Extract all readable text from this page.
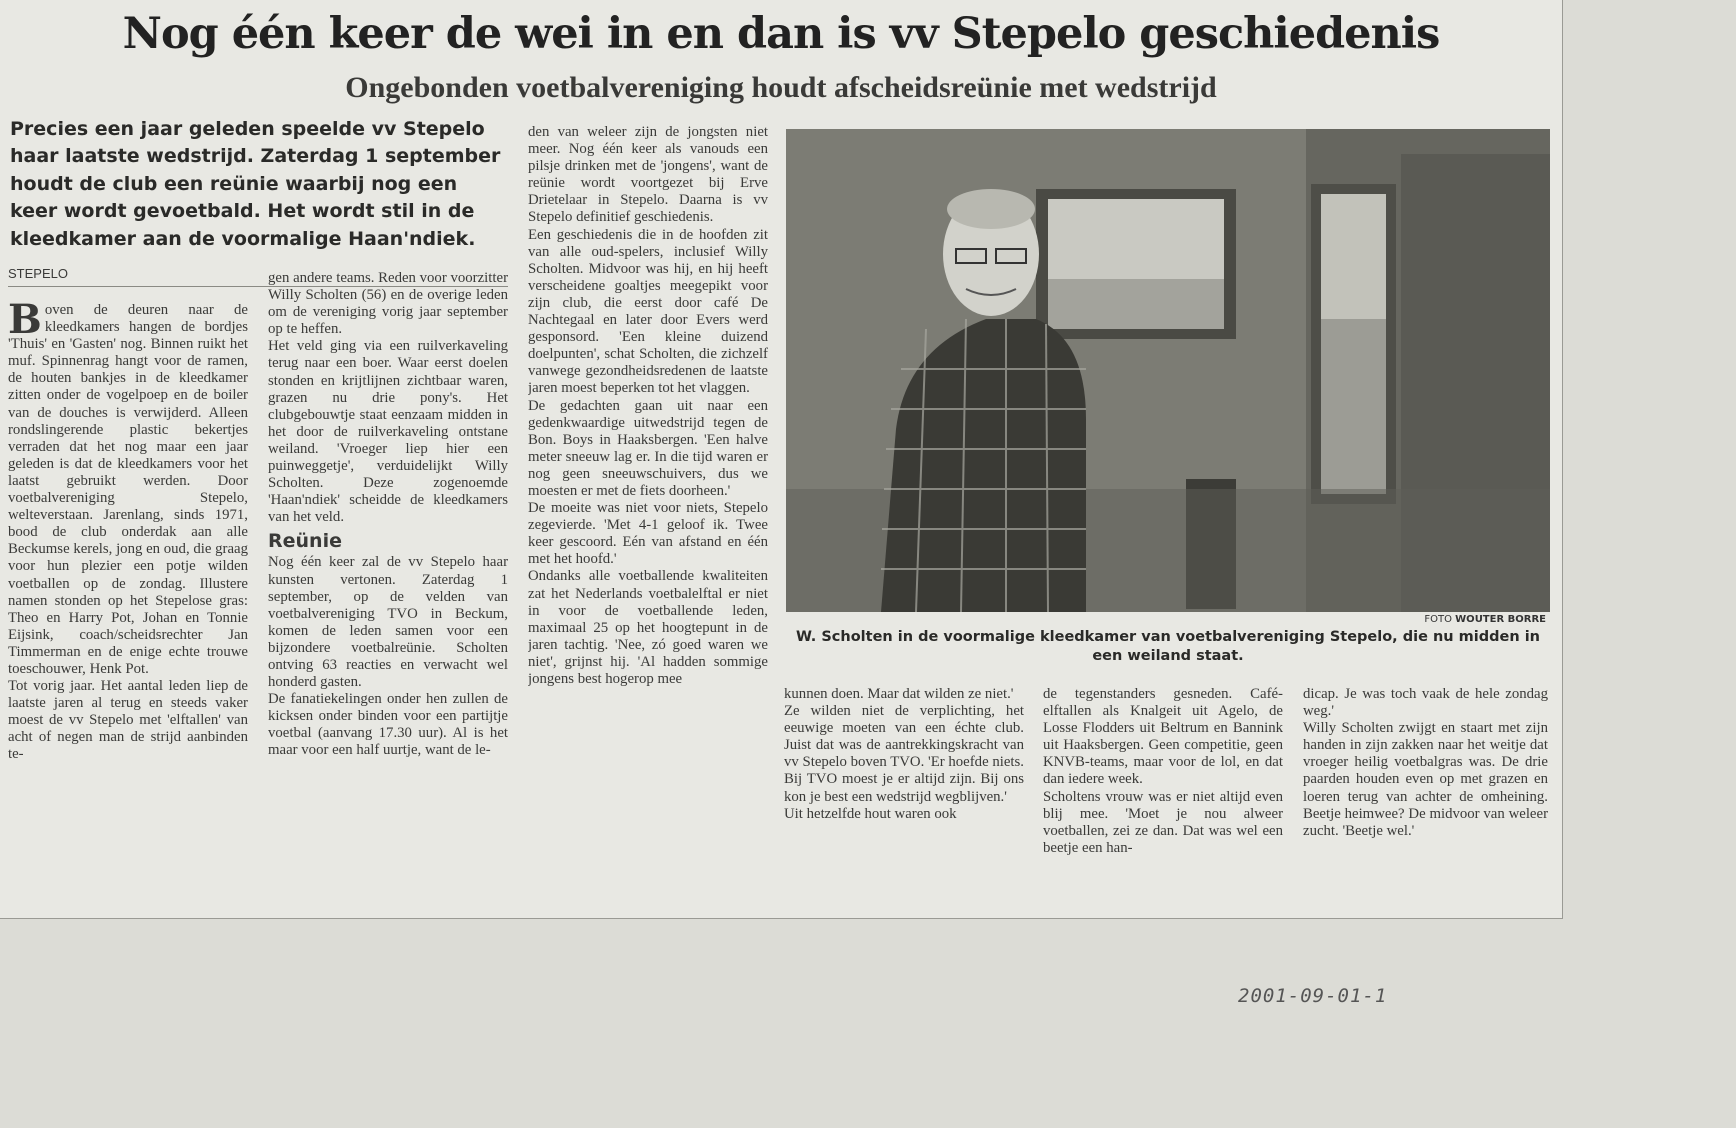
Nog één keer de wei in en dan is vv Stepelo geschiedenis
Ongebonden voetbalvereniging houdt afscheidsreünie met wedstrijd

Precies een jaar geleden speelde vv Stepelo haar laatste wedstrijd. Zaterdag 1 september houdt de club een reünie waarbij nog een keer wordt gevoetbald. Het wordt stil in de kleedkamer aan de voormalige Haan'ndiek.

STEPELO

Boven de deuren naar de kleedkamers hangen de bordjes 'Thuis' en 'Gasten' nog. Binnen ruikt het muf. Spinnenrag hangt voor de ramen, de houten bankjes in de kleedkamer zitten onder de vogelpoep en de boiler van de douches is verwijderd. Alleen rondslingerende plastic bekertjes verraden dat het nog maar een jaar geleden is dat de kleedkamers voor het laatst gebruikt werden. Door voetbalvereniging Stepelo, welteverstaan. Jarenlang, sinds 1971, bood de club onderdak aan alle Beckumse kerels, jong en oud, die graag voor hun plezier een potje wilden voetballen op de zondag. Illustere namen stonden op het Stepelose gras: Theo en Harry Pot, Johan en Tonnie Eijsink, coach/scheidsrechter Jan Timmerman en de enige echte trouwe toeschouwer, Henk Pot.

Tot vorig jaar. Het aantal leden liep de laatste jaren al terug en steeds vaker moest de vv Stepelo met 'elftallen' van acht of negen man de strijd aanbinden te-

gen andere teams. Reden voor voorzitter Willy Scholten (56) en de overige leden om de vereniging vorig jaar september op te heffen.

Het veld ging via een ruilverkaveling terug naar een boer. Waar eerst doelen stonden en krijtlijnen zichtbaar waren, grazen nu drie pony's. Het clubgebouwtje staat eenzaam midden in het door de ruilverkaveling ontstane weiland. 'Vroeger liep hier een puinweggetje', verduidelijkt Willy Scholten. Deze zogenoemde 'Haan'ndiek' scheidde de kleedkamers van het veld.

Reünie

Nog één keer zal de vv Stepelo haar kunsten vertonen. Zaterdag 1 september, op de velden van voetbalvereniging TVO in Beckum, komen de leden samen voor een bijzondere voetbalreünie. Scholten ontving 63 reacties en verwacht wel honderd gasten.

De fanatiekelingen onder hen zullen de kicksen onder binden voor een partijtje voetbal (aanvang 17.30 uur). Al is het maar voor een half uurtje, want de le-

den van weleer zijn de jongsten niet meer. Nog één keer als vanouds een pilsje drinken met de 'jongens', want de reünie wordt voortgezet bij Erve Drietelaar in Stepelo. Daarna is vv Stepelo definitief geschiedenis.

Een geschiedenis die in de hoofden zit van alle oud-spelers, inclusief Willy Scholten. Midvoor was hij, en hij heeft verscheidene goaltjes meegepikt voor zijn club, die eerst door café De Nachtegaal en later door Evers werd gesponsord. 'Een kleine duizend doelpunten', schat Scholten, die zichzelf vanwege gezondheidsredenen de laatste jaren moest beperken tot het vlaggen.

De gedachten gaan uit naar een gedenkwaardige uitwedstrijd tegen de Bon. Boys in Haaksbergen. 'Een halve meter sneeuw lag er. In die tijd waren er nog geen sneeuwschuivers, dus we moesten er met de fiets doorheen.'

De moeite was niet voor niets, Stepelo zegevierde. 'Met 4-1 geloof ik. Twee keer gescoord. Eén van afstand en één met het hoofd.'

Ondanks alle voetballende kwaliteiten zat het Nederlands voetbalelftal er niet in voor de voetballende leden, maximaal 25 op het hoogtepunt in de jaren tachtig. 'Nee, zó goed waren we niet', grijnst hij. 'Al hadden sommige jongens best hogerop mee

FOTO WOUTER BORRE

W. Scholten in de voormalige kleedkamer van voetbalvereniging Stepelo, die nu midden in een weiland staat.

kunnen doen. Maar dat wilden ze niet.'

Ze wilden niet de verplichting, het eeuwige moeten van een échte club. Juist dat was de aantrekkingskracht van vv Stepelo boven TVO. 'Er hoefde niets. Bij TVO moest je er altijd zijn. Bij ons kon je best een wedstrijd wegblijven.'

Uit hetzelfde hout waren ook

de tegenstanders gesneden. Café-elftallen als Knalgeit uit Agelo, de Losse Flodders uit Beltrum en Bannink uit Haaksbergen. Geen competitie, geen KNVB-teams, maar voor de lol, en dat dan iedere week.

Scholtens vrouw was er niet altijd even blij mee. 'Moet je nou alweer voetballen, zei ze dan. Dat was wel een beetje een han-

dicap. Je was toch vaak de hele zondag weg.'

Willy Scholten zwijgt en staart met zijn handen in zijn zakken naar het weitje dat vroeger heilig voetbalgras was. De drie paarden houden even op met grazen en loeren terug van achter de omheining. Beetje heimwee? De midvoor van weleer zucht. 'Beetje wel.'

2001-09-01-1
